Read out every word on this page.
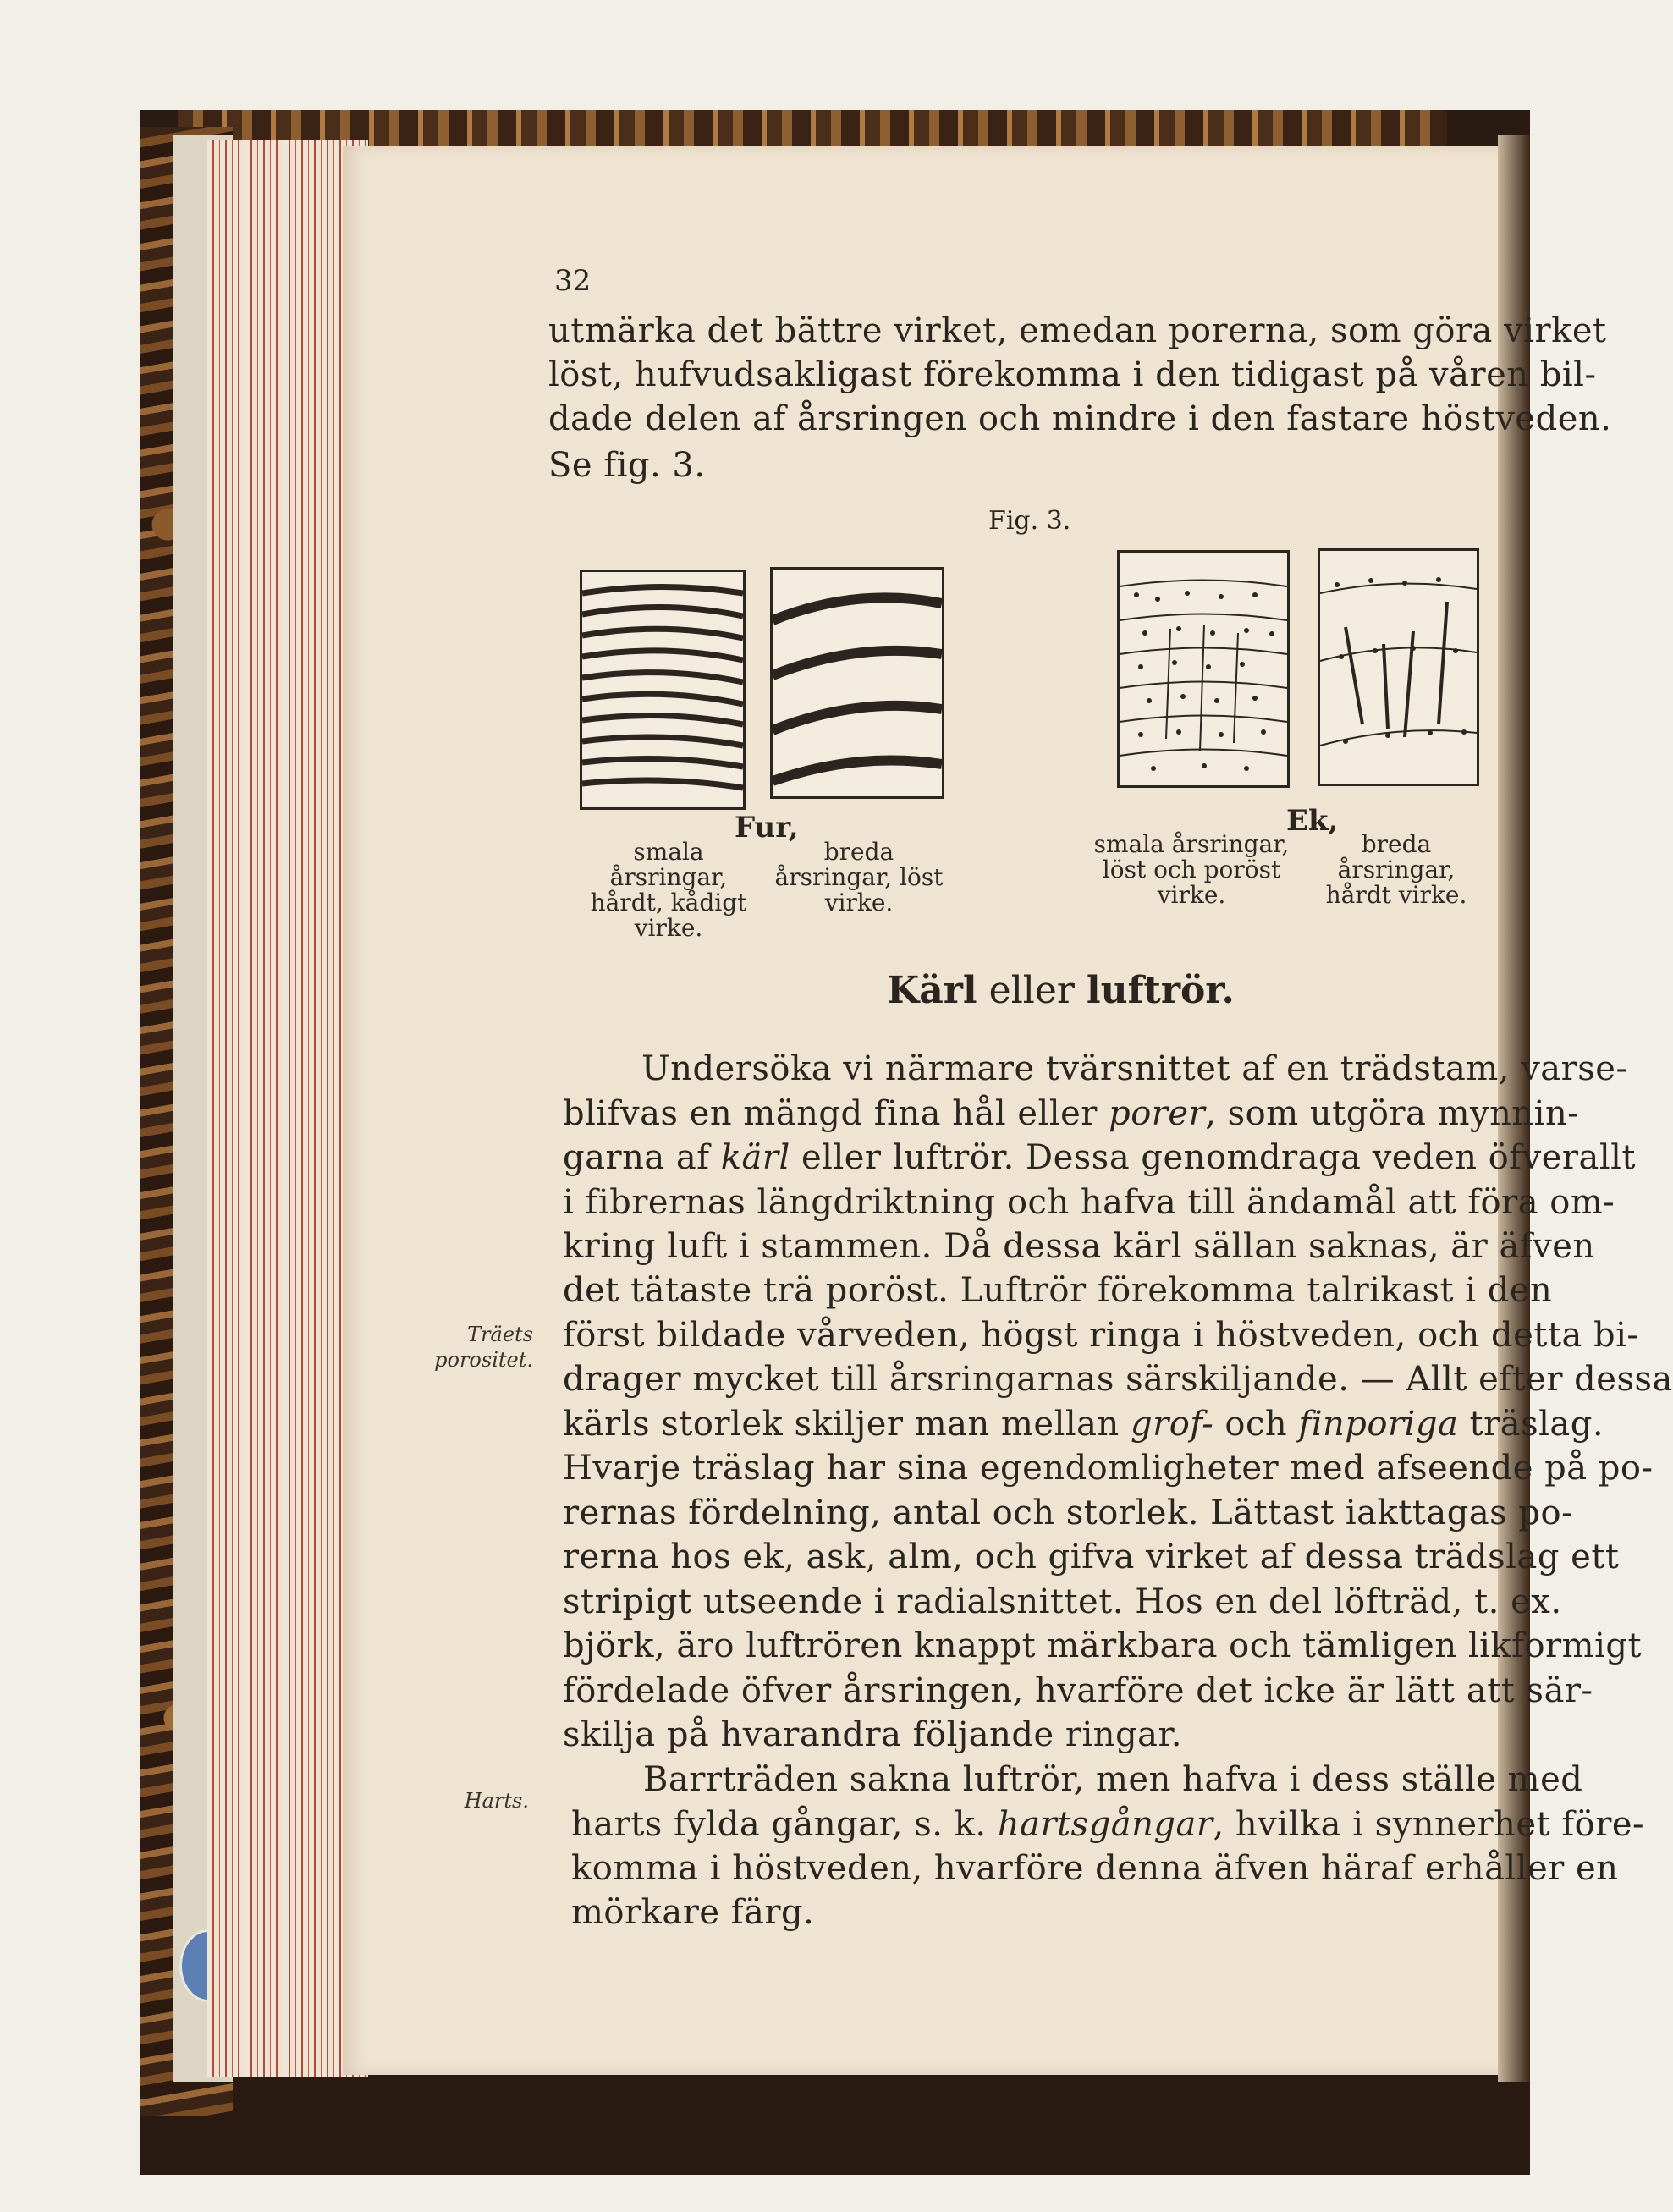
32
utmärka det bättre virket, emedan porerna, som göra virket
löst, hufvudsakligast förekomma i den tidigast på våren bil-
dade delen af årsringen och mindre i den fastare höstveden.
Se fig. 3.
Fig. 3.
Fur,
smala årsringar, hårdt, kådigt virke.
breda årsringar, löst virke.
Ek,
smala årsringar, löst och poröst virke.
breda årsringar, hårdt virke.
Kärl eller luftrör.
Träets porositet.
Harts.
Undersöka vi närmare tvärsnittet af en trädstam, varse-
blifvas en mängd fina hål eller porer, som utgöra mynnin-
garna af kärl eller luftrör. Dessa genomdraga veden öfverallt
i fibrernas längdriktning och hafva till ändamål att föra om-
kring luft i stammen. Då dessa kärl sällan saknas, är äfven
det tätaste trä poröst. Luftrör förekomma talrikast i den
först bildade vårveden, högst ringa i höstveden, och detta bi-
drager mycket till årsringarnas särskiljande. — Allt efter dessa
kärls storlek skiljer man mellan grof- och finporiga träslag.
Hvarje träslag har sina egendomligheter med afseende på po-
rernas fördelning, antal och storlek. Lättast iakttagas po-
rerna hos ek, ask, alm, och gifva virket af dessa trädslag ett
stripigt utseende i radialsnittet. Hos en del löfträd, t. ex.
björk, äro luftrören knappt märkbara och tämligen likformigt
fördelade öfver årsringen, hvarföre det icke är lätt att sär-
skilja på hvarandra följande ringar.
Barrträden sakna luftrör, men hafva i dess ställe med
harts fylda gångar, s. k. hartsgångar, hvilka i synnerhet före-
komma i höstveden, hvarföre denna äfven häraf erhåller en
mörkare färg.
